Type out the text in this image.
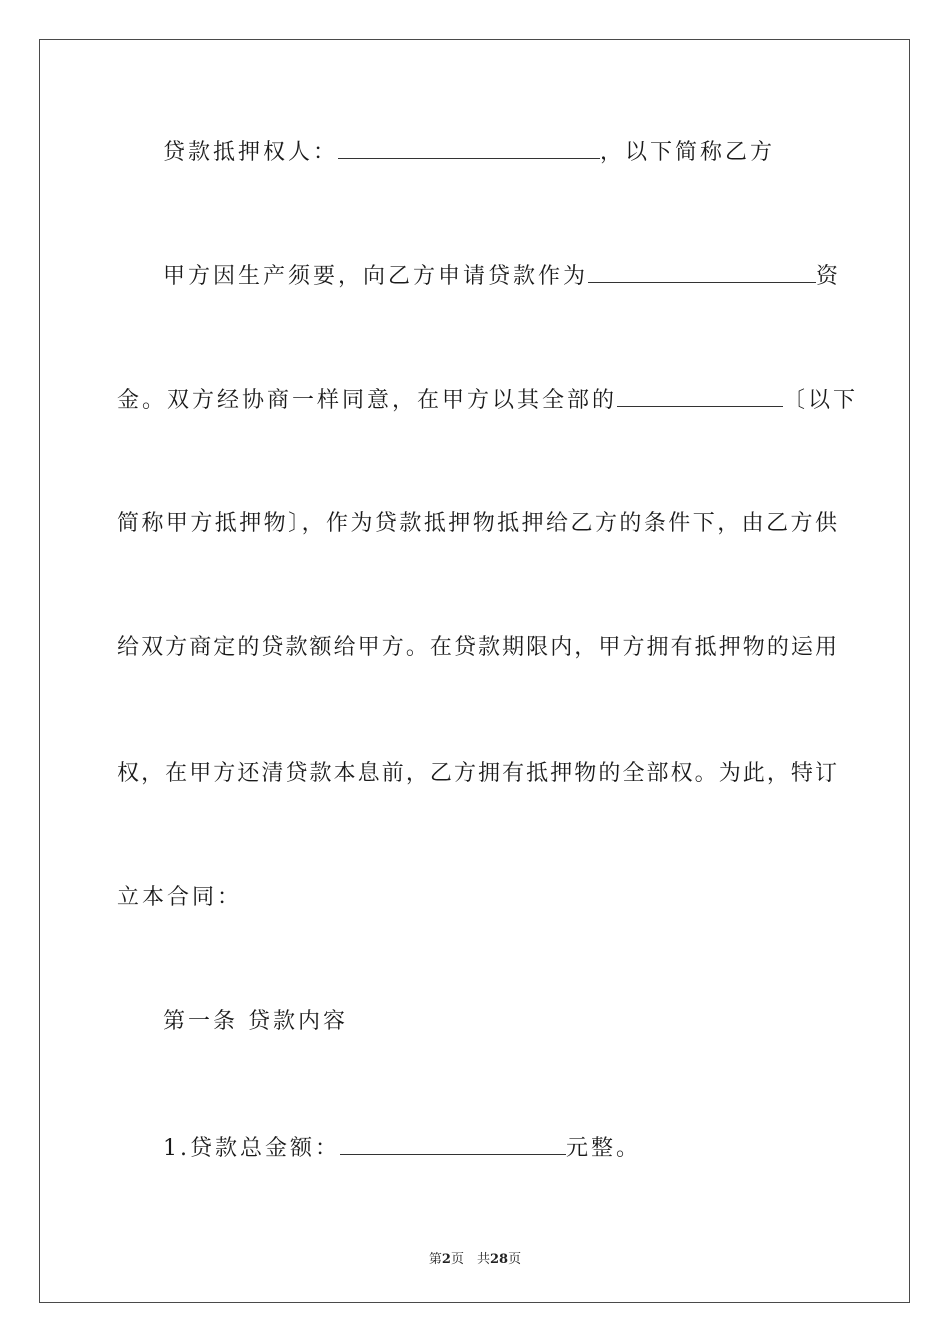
贷款抵押权人：	，以下简称乙方
甲方因生产须要，向乙方申请贷款作为	资
金。双方经协商一样同意，在甲方以其全部的	〔以下
简称甲方抵押物〕，作为贷款抵押物抵押给乙方的条件下，由乙方供
给双方商定的贷款额给甲方。在贷款期限内，甲方拥有抵押物的运用
权，在甲方还清贷款本息前，乙方拥有抵押物的全部权。为此，特订
立本合同：
第一条 贷款内容
1.贷款总金额：	元整。
第2页　共28页
